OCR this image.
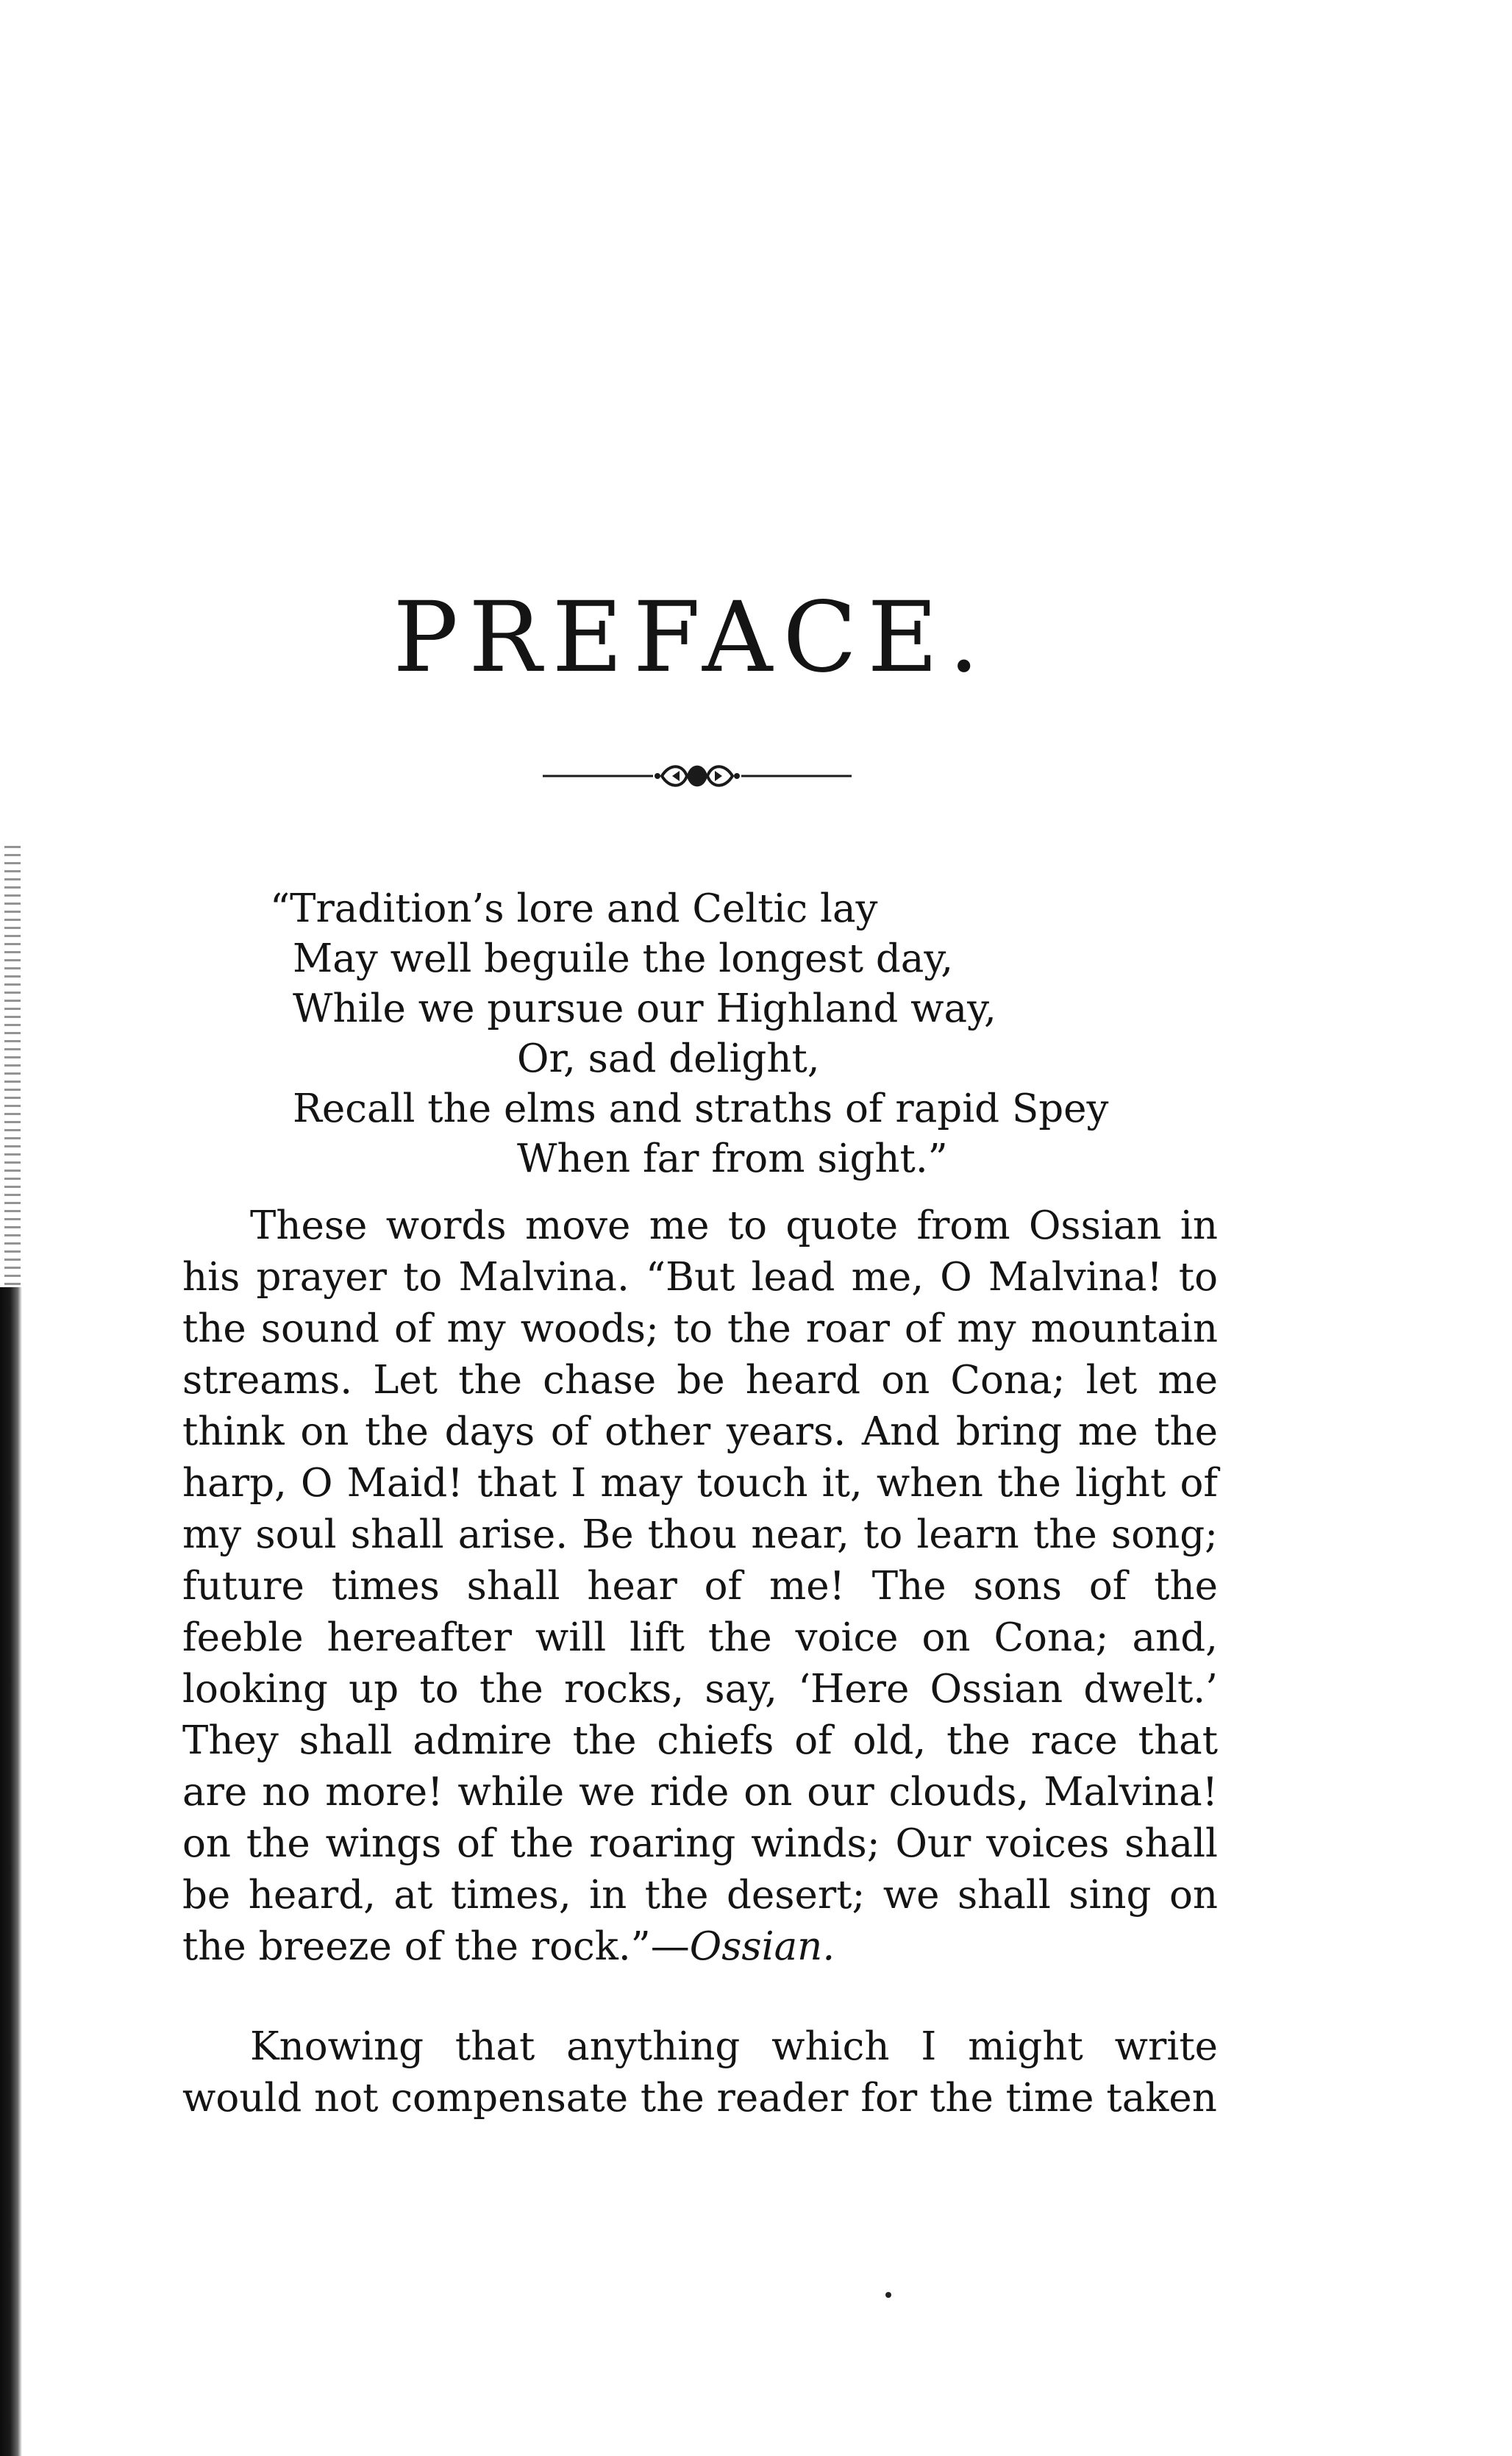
PREFACE.
“Tradition’s lore and Celtic lay
May well beguile the longest day,
While we pursue our Highland way,
Or, sad delight,
Recall the elms and straths of rapid Spey
When far from sight.”

These words move me to quote from Ossian in his prayer to Malvina. “But lead me, O Malvina! to the sound of my woods; to the roar of my mountain streams. Let the chase be heard on Cona; let me think on the days of other years. And bring me the harp, O Maid! that I may touch it, when the light of my soul shall arise. Be thou near, to learn the song; future times shall hear of me! The sons of the feeble hereafter will lift the voice on Cona; and, looking up to the rocks, say, ‘Here Ossian dwelt.’ They shall admire the chiefs of old, the race that are no more! while we ride on our clouds, Malvina! on the wings of the roaring winds; Our voices shall be heard, at times, in the desert; we shall sing on the breeze of the rock.”—Ossian.

Knowing that anything which I might write would not compensate the reader for the time taken
